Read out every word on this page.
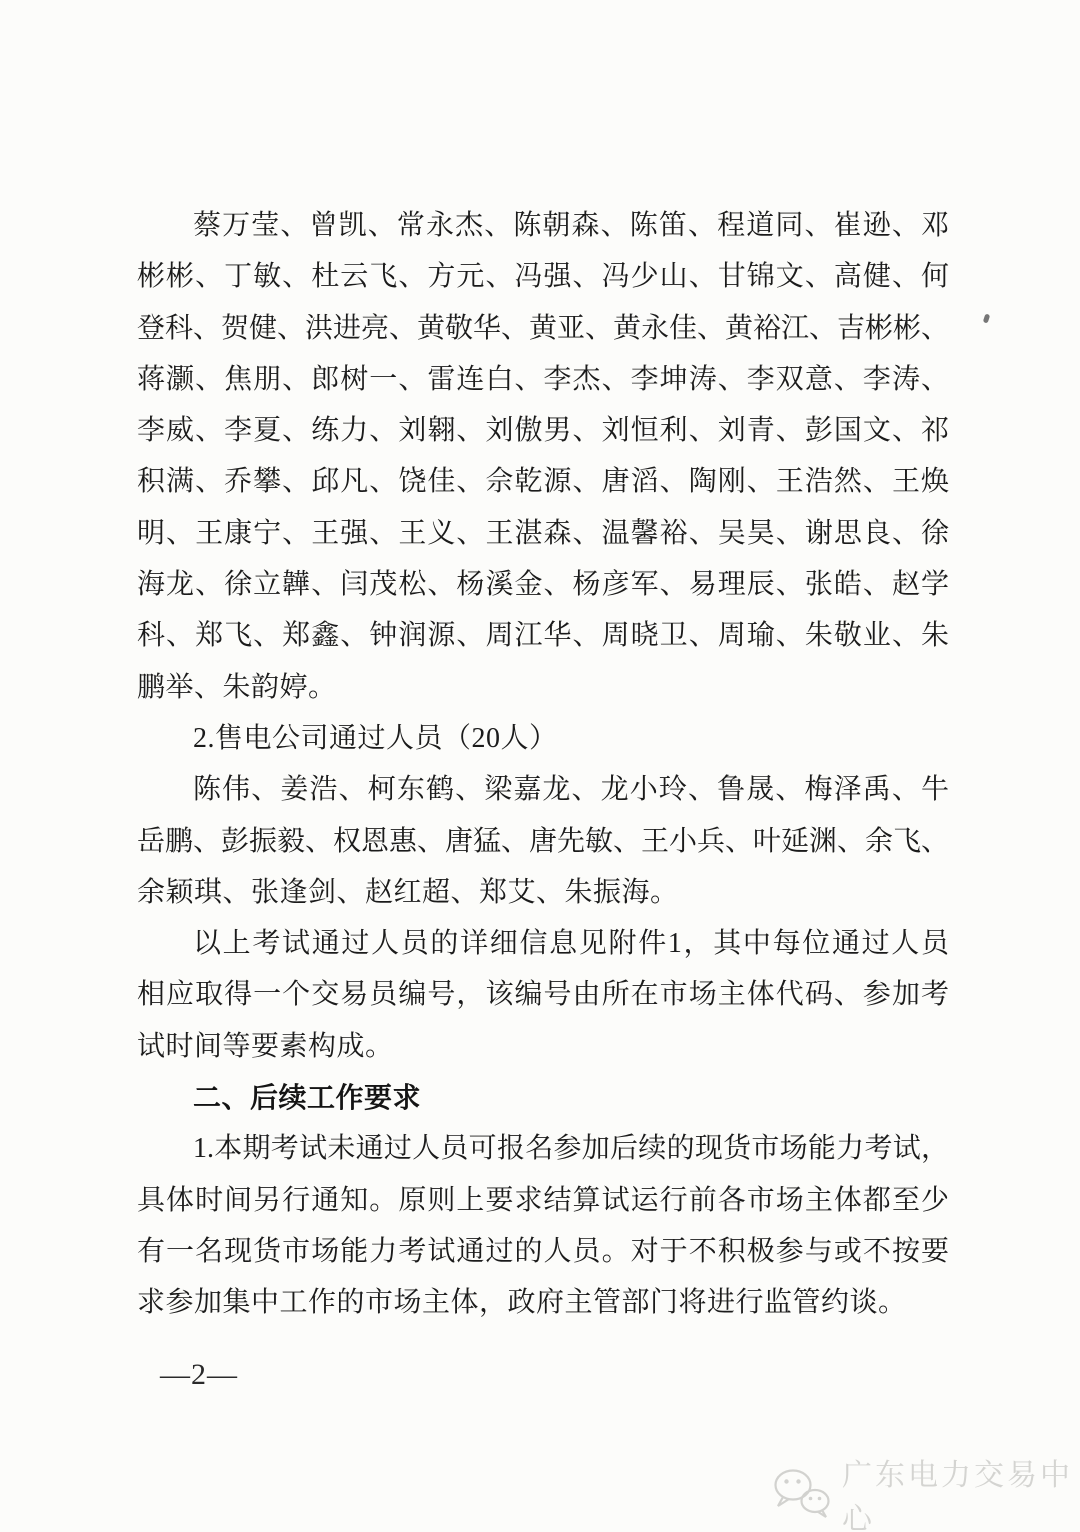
蔡万莹、曾凯、常永杰、陈朝森、陈笛、程道同、崔逊、邓

彬彬、丁敏、杜云飞、方元、冯强、冯少山、甘锦文、高健、何

登科、贺健、洪进亮、黄敬华、黄亚、黄永佳、黄裕江、吉彬彬、

蒋灏、焦朋、郎树一、雷连白、李杰、李坤涛、李双意、李涛、

李威、李夏、练力、刘翱、刘傲男、刘恒利、刘青、彭国文、祁

积满、乔攀、邱凡、饶佳、佘乾源、唐滔、陶刚、王浩然、王焕

明、王康宁、王强、王义、王湛森、温馨裕、吴昊、谢思良、徐

海龙、徐立韡、闫茂松、杨溪金、杨彦军、易理辰、张皓、赵学

科、郑飞、郑鑫、钟润源、周江华、周晓卫、周瑜、朱敬业、朱

鹏举、朱韵婷。

2.售电公司通过人员（20人）

陈伟、姜浩、柯东鹤、梁嘉龙、龙小玲、鲁晟、梅泽禹、牛

岳鹏、彭振毅、权恩惠、唐猛、唐先敏、王小兵、叶延渊、余飞、

余颖琪、张逢剑、赵红超、郑艾、朱振海。

以上考试通过人员的详细信息见附件1，其中每位通过人员

相应取得一个交易员编号，该编号由所在市场主体代码、参加考

试时间等要素构成。

二、后续工作要求

1.本期考试未通过人员可报名参加后续的现货市场能力考试，

具体时间另行通知。原则上要求结算试运行前各市场主体都至少

有一名现货市场能力考试通过的人员。对于不积极参与或不按要

求参加集中工作的市场主体，政府主管部门将进行监管约谈。

—2—
广东电力交易中心
